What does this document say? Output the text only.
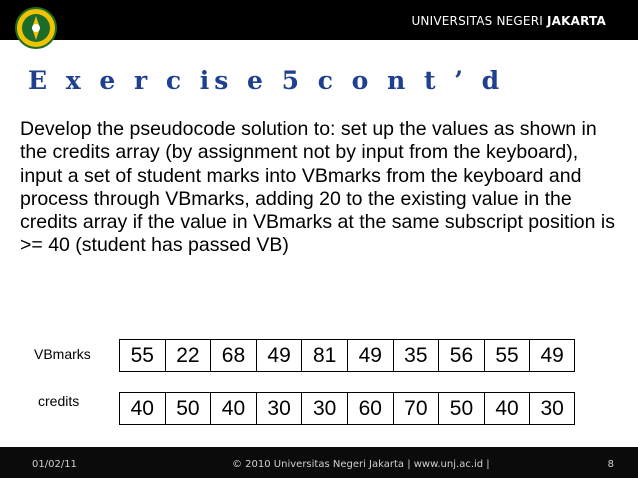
UNIVERSITAS NEGERI JAKARTA
E x e r c is e 5 c o n t ’ d
Develop the pseudocode solution to: set up the values as shown in the credits array (by assignment not by input from the keyboard), input a set of student marks into VBmarks from the keyboard and process through VBmarks, adding 20 to the existing value in the credits array if the value in VBmarks at the same subscript position is >= 40 (student has passed VB)
VBmarks	55	22	68	49	81	49	35	56	55	49
credits	40	50	40	30	30	60	70	50	40	30
01/02/11	© 2010 Universitas Negeri Jakarta | www.unj.ac.id |	8
